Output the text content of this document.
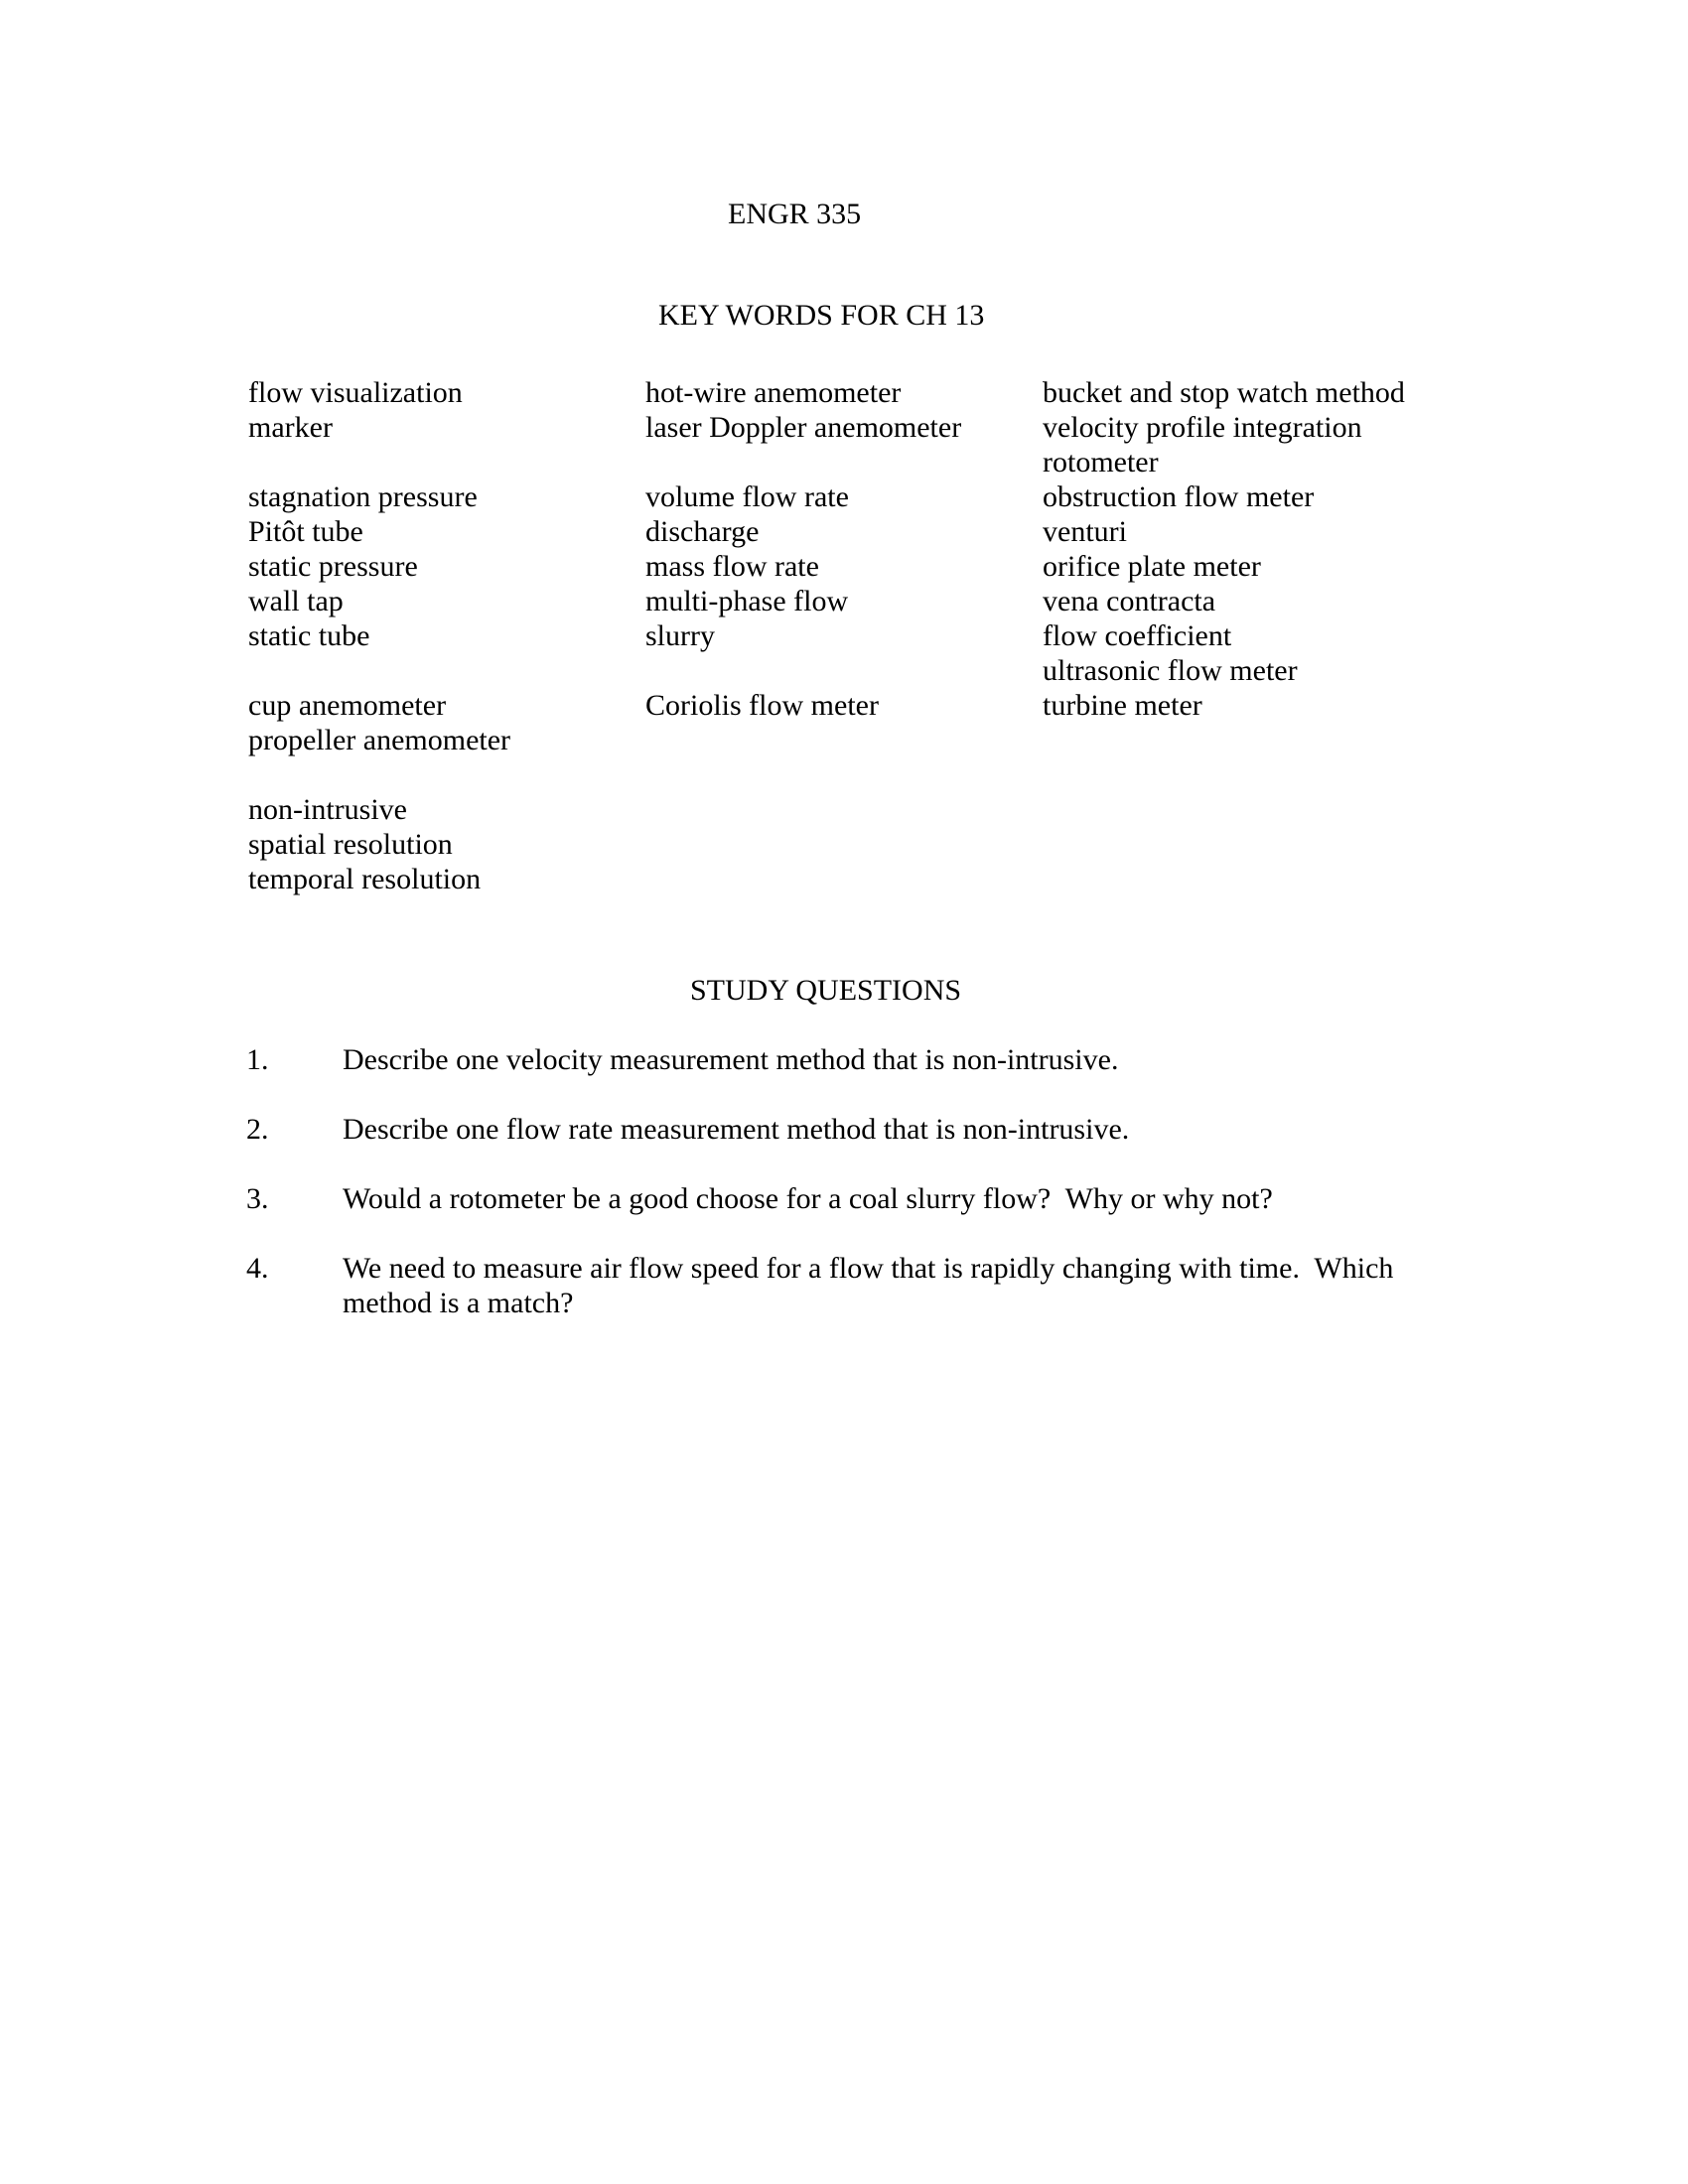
ENGR 335
KEY WORDS FOR CH 13
flow visualization	hot-wire anemometer	bucket and stop watch method
marker	laser Doppler anemometer	velocity profile integration
rotometer
stagnation pressure	volume flow rate	obstruction flow meter
Pitôt tube	discharge	venturi
static pressure	mass flow rate	orifice plate meter
wall tap	multi-phase flow	vena contracta
static tube	slurry	flow coefficient
ultrasonic flow meter
cup anemometer	Coriolis flow meter	turbine meter
propeller anemometer
non-intrusive
spatial resolution
temporal resolution
STUDY QUESTIONS
1.	Describe one velocity measurement method that is non-intrusive.
2.	Describe one flow rate measurement method that is non-intrusive.
3.	Would a rotometer be a good choose for a coal slurry flow?  Why or why not?
4.	We need to measure air flow speed for a flow that is rapidly changing with time.  Which method is a match?
